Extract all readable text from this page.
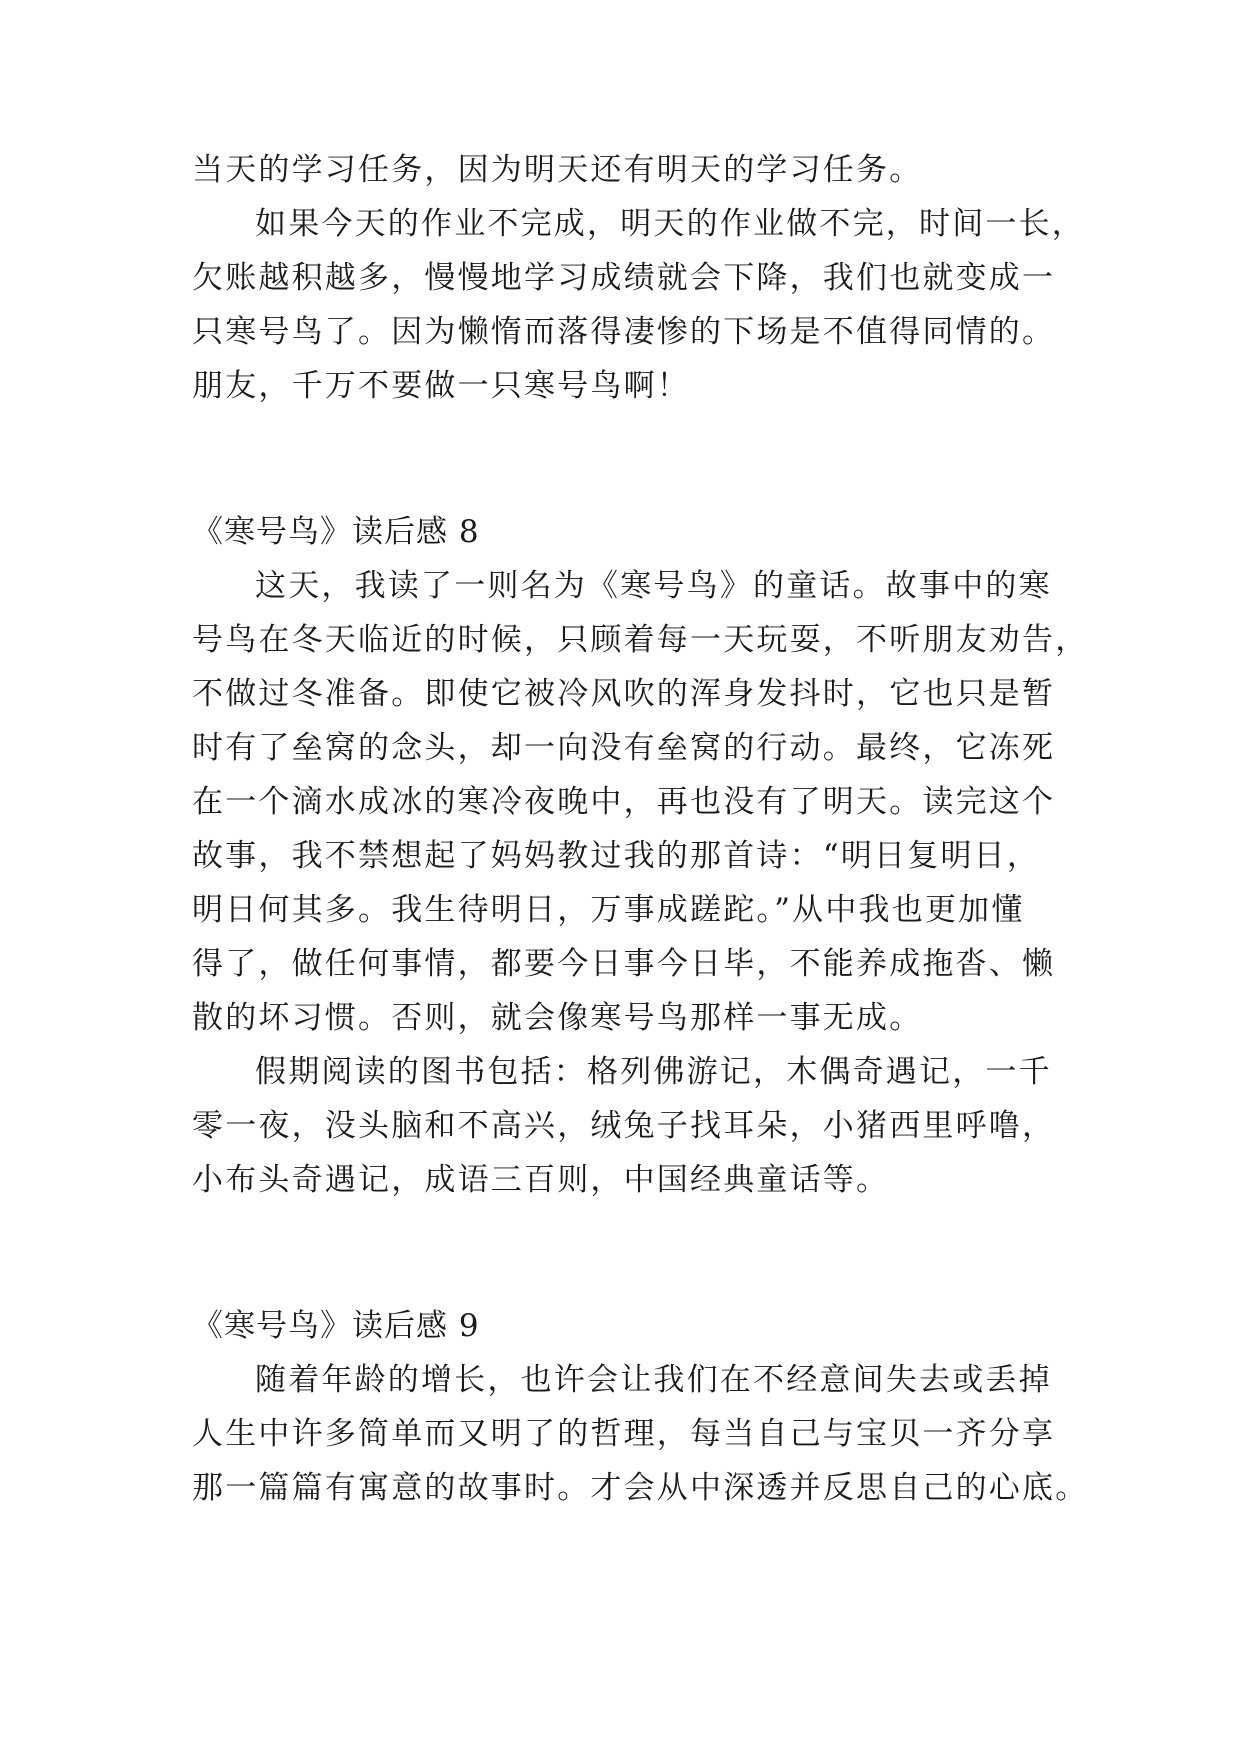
当天的学习任务，因为明天还有明天的学习任务。

如果今天的作业不完成，明天的作业做不完，时间一长，

欠账越积越多，慢慢地学习成绩就会下降，我们也就变成一

只寒号鸟了。因为懒惰而落得凄惨的下场是不值得同情的。

朋友，千万不要做一只寒号鸟啊！

《寒号鸟》读后感 8

这天，我读了一则名为《寒号鸟》的童话。故事中的寒

号鸟在冬天临近的时候，只顾着每一天玩耍，不听朋友劝告，

不做过冬准备。即使它被冷风吹的浑身发抖时，它也只是暂

时有了垒窝的念头，却一向没有垒窝的行动。最终，它冻死

在一个滴水成冰的寒冷夜晚中，再也没有了明天。读完这个

故事，我不禁想起了妈妈教过我的那首诗：“明日复明日，

明日何其多。我生待明日，万事成蹉跎。”从中我也更加懂

得了，做任何事情，都要今日事今日毕，不能养成拖沓、懒

散的坏习惯。否则，就会像寒号鸟那样一事无成。

假期阅读的图书包括：格列佛游记，木偶奇遇记，一千

零一夜，没头脑和不高兴，绒兔子找耳朵，小猪西里呼噜，

小布头奇遇记，成语三百则，中国经典童话等。

《寒号鸟》读后感 9

随着年龄的增长，也许会让我们在不经意间失去或丢掉

人生中许多简单而又明了的哲理，每当自己与宝贝一齐分享

那一篇篇有寓意的故事时。才会从中深透并反思自己的心底。
